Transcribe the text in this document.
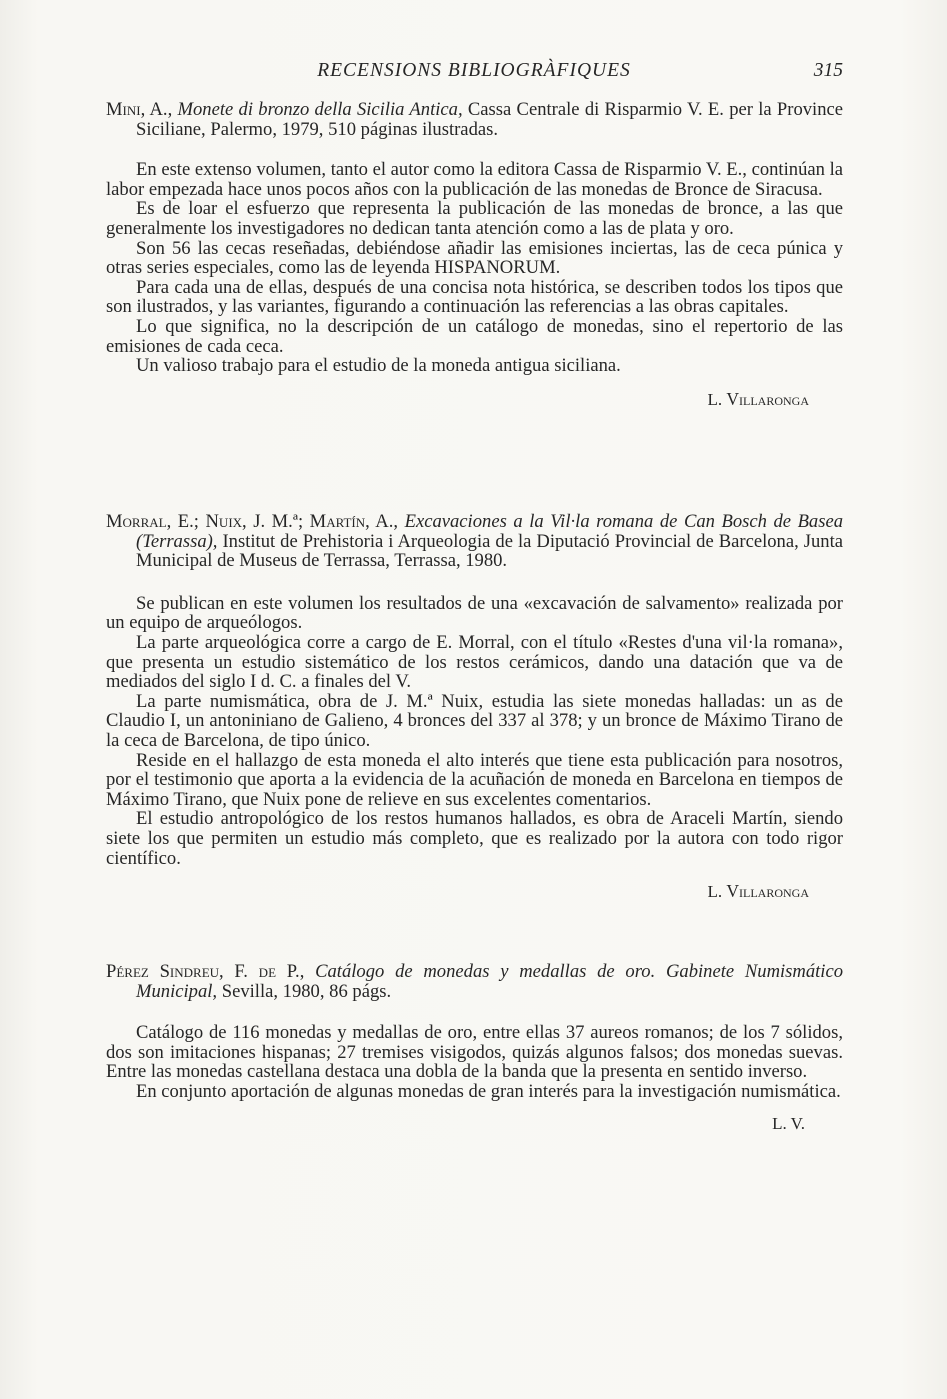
RECENSIONS BIBLIOGRÀFIQUES	315

Mini, A., Monete di bronzo della Sicilia Antica, Cassa Centrale di Risparmio V. E. per la Province Siciliane, Palermo, 1979, 510 páginas ilustradas.

En este extenso volumen, tanto el autor como la editora Cassa de Risparmio V. E., continúan la labor empezada hace unos pocos años con la publicación de las monedas de Bronce de Siracusa.

Es de loar el esfuerzo que representa la publicación de las monedas de bronce, a las que generalmente los investigadores no dedican tanta atención como a las de plata y oro.

Son 56 las cecas reseñadas, debiéndose añadir las emisiones inciertas, las de ceca púnica y otras series especiales, como las de leyenda HISPANORUM.

Para cada una de ellas, después de una concisa nota histórica, se describen todos los tipos que son ilustrados, y las variantes, figurando a continuación las referencias a las obras capitales.

Lo que significa, no la descripción de un catálogo de monedas, sino el repertorio de las emisiones de cada ceca.

Un valioso trabajo para el estudio de la moneda antigua siciliana.

L. Villaronga

Morral, E.; Nuix, J. M.ª; Martín, A., Excavaciones a la Vil·la romana de Can Bosch de Basea (Terrassa), Institut de Prehistoria i Arqueologia de la Diputació Provincial de Barcelona, Junta Municipal de Museus de Terrassa, Terrassa, 1980.

Se publican en este volumen los resultados de una «excavación de salvamento» realizada por un equipo de arqueólogos.

La parte arqueológica corre a cargo de E. Morral, con el título «Restes d'una vil·la romana», que presenta un estudio sistemático de los restos cerámicos, dando una datación que va de mediados del siglo I d. C. a finales del V.

La parte numismática, obra de J. M.ª Nuix, estudia las siete monedas halladas: un as de Claudio I, un antoniniano de Galieno, 4 bronces del 337 al 378; y un bronce de Máximo Tirano de la ceca de Barcelona, de tipo único.

Reside en el hallazgo de esta moneda el alto interés que tiene esta publicación para nosotros, por el testimonio que aporta a la evidencia de la acuñación de moneda en Barcelona en tiempos de Máximo Tirano, que Nuix pone de relieve en sus excelentes comentarios.

El estudio antropológico de los restos humanos hallados, es obra de Araceli Martín, siendo siete los que permiten un estudio más completo, que es realizado por la autora con todo rigor científico.

L. Villaronga

Pérez Sindreu, F. de P., Catálogo de monedas y medallas de oro. Gabinete Numismático Municipal, Sevilla, 1980, 86 págs.

Catálogo de 116 monedas y medallas de oro, entre ellas 37 aureos romanos; de los 7 sólidos, dos son imitaciones hispanas; 27 tremises visigodos, quizás algunos falsos; dos monedas suevas. Entre las monedas castellana destaca una dobla de la banda que la presenta en sentido inverso.

En conjunto aportación de algunas monedas de gran interés para la investigación numismática.

L. V.
